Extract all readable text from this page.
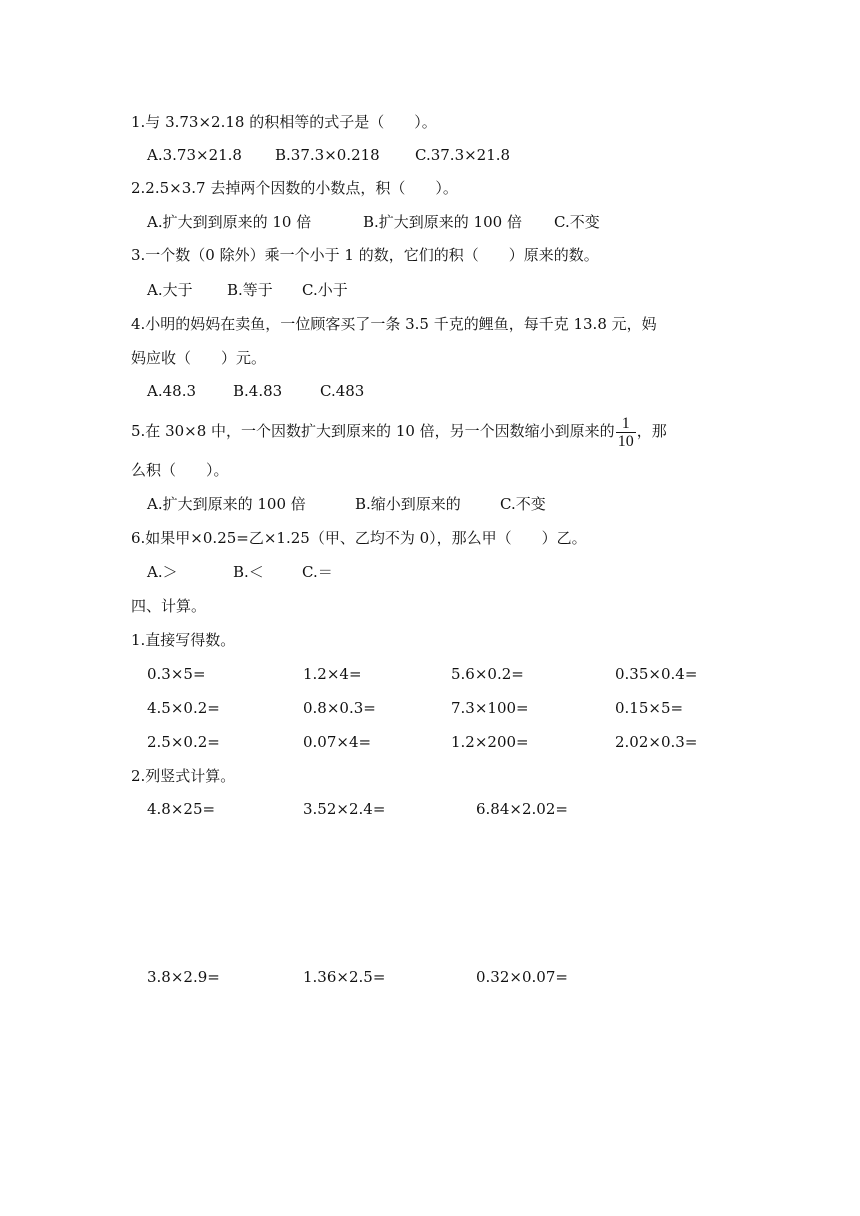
1.与 3.73×2.18 的积相等的式子是（　　）。
A.3.73×21.8 B.37.3×0.218 C.37.3×21.8
2.2.5×3.7 去掉两个因数的小数点，积（　　）。
A.扩大到到原来的 10 倍	B.扩大到原来的 100 倍 C.不变
3.一个数（0 除外）乘一个小于 1 的数，它们的积（　　）原来的数。
A.大于 B.等于 C.小于
4.小明的妈妈在卖鱼，一位顾客买了一条 3.5 千克的鲤鱼，每千克 13.8 元，妈
妈应收（　　）元。
A.48.3 B.4.83	C.483
5.在 30×8 中，一个因数扩大到原来的 10 倍，另一个因数缩小到原来的 $\frac{1}{10}$ ，那
么积（　　）。
A.扩大到原来的 100 倍	B.缩小到原来的	C.不变
6.如果甲×0.25=乙×1.25（甲、乙均不为 0），那么甲（　　）乙。
A.＞	B.＜	C.＝
四、计算。
1.直接写得数。
0.3×5=	1.2×4=	5.6×0.2=	0.35×0.4=
4.5×0.2=	0.8×0.3=	7.3×100=	0.15×5=
2.5×0.2=	0.07×4=	1.2×200=	2.02×0.3=
2.列竖式计算。
4.8×25=	3.52×2.4=	6.84×2.02=
3.8×2.9=	1.36×2.5=	0.32×0.07=
